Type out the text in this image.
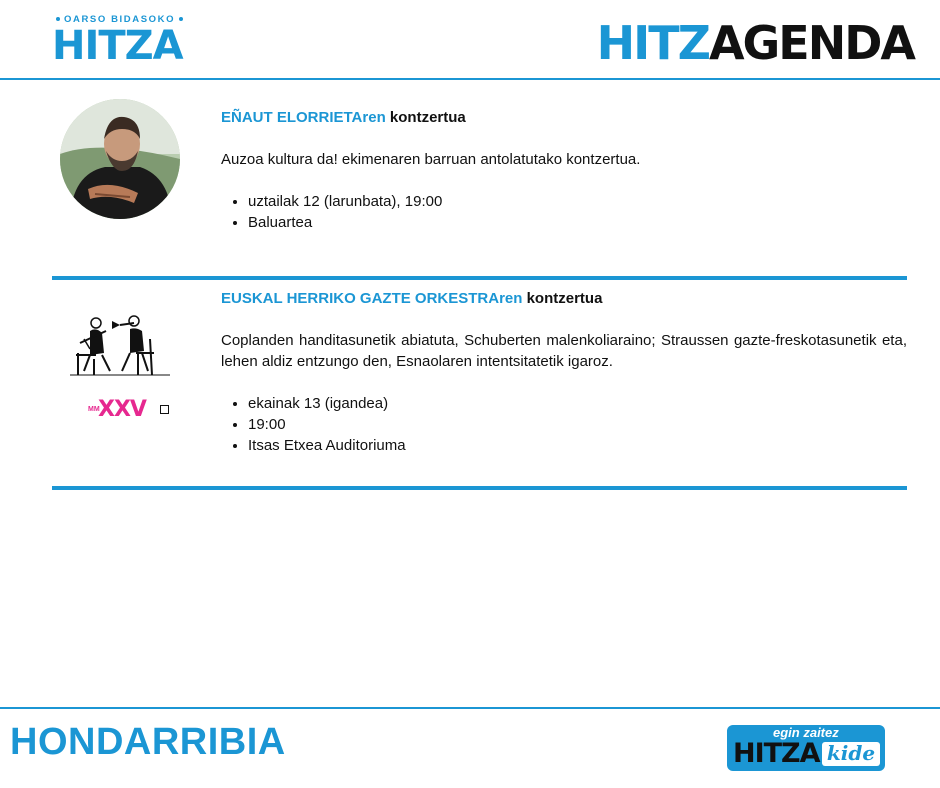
OARSO BIDASOKO
HITZA	HITZAGENDA

EÑAUT ELORRIETAren kontzertua

Auzoa kultura da! ekimenaren barruan antolatutako kontzertua.

• uztailak 12 (larunbata), 19:00
• Baluartea
MM
XXV

EUSKAL HERRIKO GAZTE ORKESTRAren kontzertua

Coplanden handitasunetik abiatuta, Schuberten malenkoliaraino; Straussen gazte-freskotasunetik eta, lehen aldiz entzungo den, Esnaolaren intentsitatetik igaroz.

• ekainak 13 (igandea)
• 19:00
• Itsas Etxea Auditoriuma
HONDARRIBIA	egin zaitez
HITZA kide
